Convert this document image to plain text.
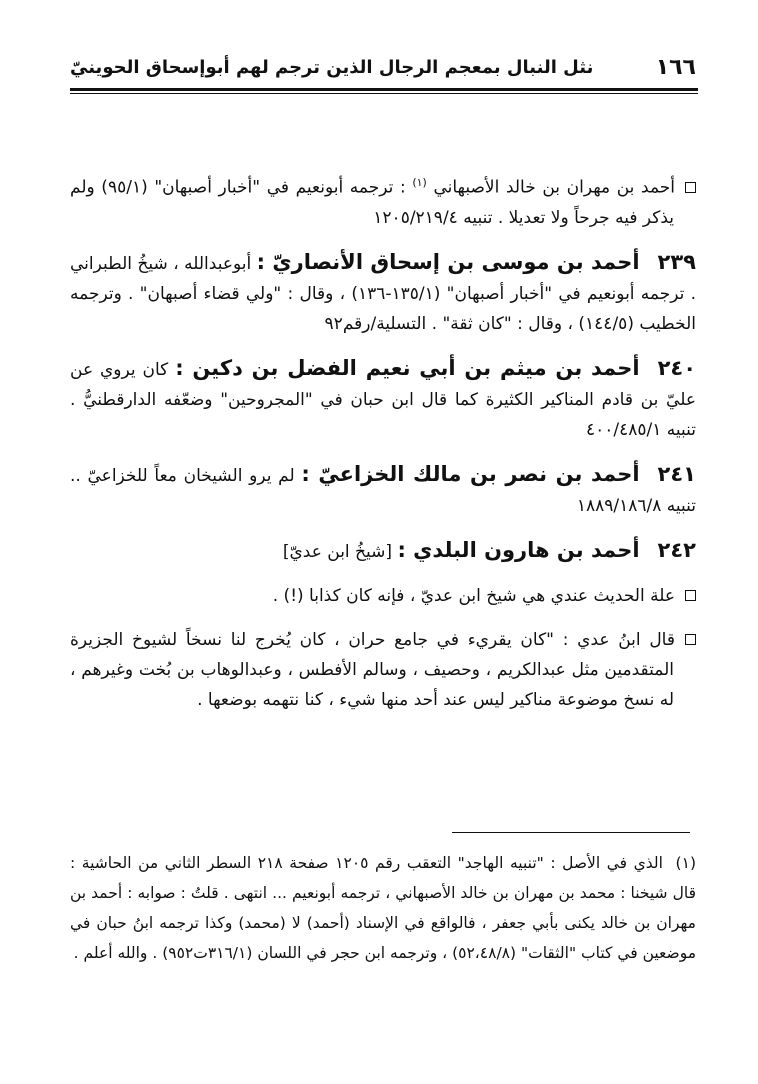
١٦٦
نثل النبال بمعجم الرجال الذين ترجم لهم أبوإسحاق الحوينيّ

أحمد بن مهران بن خالد الأصبهاني $^{(١)}$ : ترجمه أبونعيم في "أخبار أصبهان" (٩٥/١) ولم يذكر فيه جرحاً ولا تعديلا . تنبيه ١٢٠٥/٢١٩/٤

٢٣٩أحمد بن موسى بن إسحاق الأنصاريّ : أبوعبدالله ، شيخُ الطبراني . ترجمه أبونعيم في "أخبار أصبهان" (١٣٥/١-١٣٦) ، وقال : "ولي قضاء أصبهان" . وترجمه الخطيب (١٤٤/٥) ، وقال : "كان ثقة" . التسلية/رقم٩٢

٢٤٠أحمد بن ميثم بن أبي نعيم الفضل بن دكين : كان يروي عن عليّ بن قادم المناكير الكثيرة كما قال ابن حبان في "المجروحين" وضعّفه الدارقطنيُّ . تنبيه ٤٠٠/٤٨٥/١

٢٤١أحمد بن نصر بن مالك الخزاعيّ : لم يرو الشيخان معاً للخزاعيّ .. تنبيه ١٨٨٩/١٨٦/٨

٢٤٢أحمد بن هارون البلدي : [شيخُ ابن عديّ]

علة الحديث عندي هي شيخ ابن عديّ ، فإنه كان كذابا (!) .

قال ابنُ عدي : "كان يقريء في جامع حران ، كان يُخرج لنا نسخاً لشيوخ الجزيرة المتقدمين مثل عبدالكريم ، وحصيف ، وسالم الأفطس ، وعبدالوهاب بن بُخت وغيرهم ، له نسخ موضوعة مناكير ليس عند أحد منها شيء ، كنا نتهمه بوضعها .

(١) الذي في الأصل : "تنبيه الهاجد" التعقب رقم ١٢٠٥ صفحة ٢١٨ السطر الثاني من الحاشية : قال شيخنا : محمد بن مهران بن خالد الأصبهاني ، ترجمه أبونعيم ... انتهى . قلتُ : صوابه : أحمد بن مهران بن خالد يكنى بأبي جعفر ، فالواقع في الإسناد (أحمد) لا (محمد) وكذا ترجمه ابنُ حبان في موضعين في كتاب "الثقات" (٥٢،٤٨/٨) ، وترجمه ابن حجر في اللسان (٣١٦/١ت٩٥٢) . والله أعلم .
